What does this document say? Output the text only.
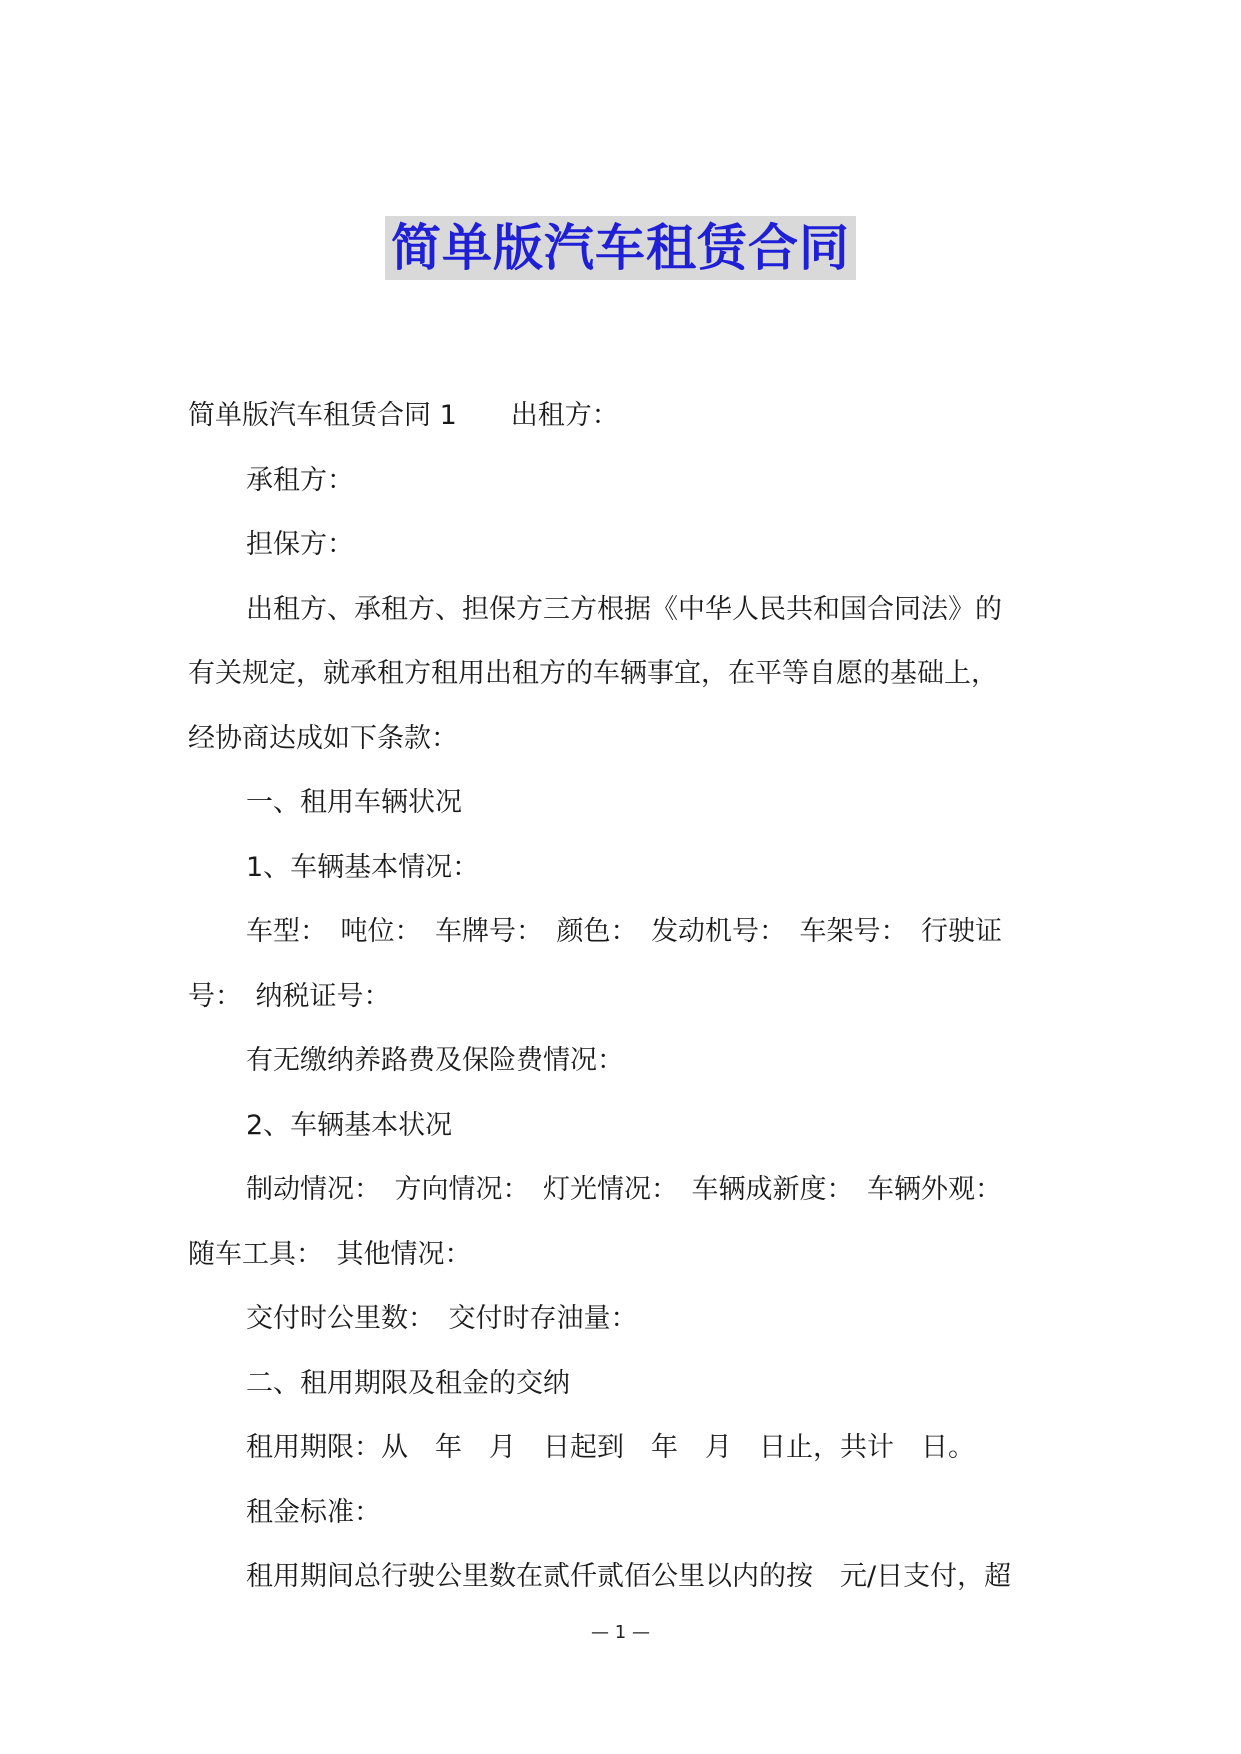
简单版汽车租赁合同

简单版汽车租赁合同 1　　出租方：

承租方：

担保方：

出租方、承租方、担保方三方根据《中华人民共和国合同法》的

有关规定，就承租方租用出租方的车辆事宜，在平等自愿的基础上，

经协商达成如下条款：

一、租用车辆状况

1、车辆基本情况：

车型：　吨位：　车牌号：　颜色：　发动机号：　车架号：　行驶证

号：　纳税证号：

有无缴纳养路费及保险费情况：

2、车辆基本状况

制动情况：　方向情况：　灯光情况：　车辆成新度：　车辆外观：

随车工具：　其他情况：

交付时公里数：　交付时存油量：

二、租用期限及租金的交纳

租用期限：从　年　月　日起到　年　月　日止，共计　日。

租金标准：

租用期间总行驶公里数在贰仟贰佰公里以内的按　元/日支付，超

— 1 —
